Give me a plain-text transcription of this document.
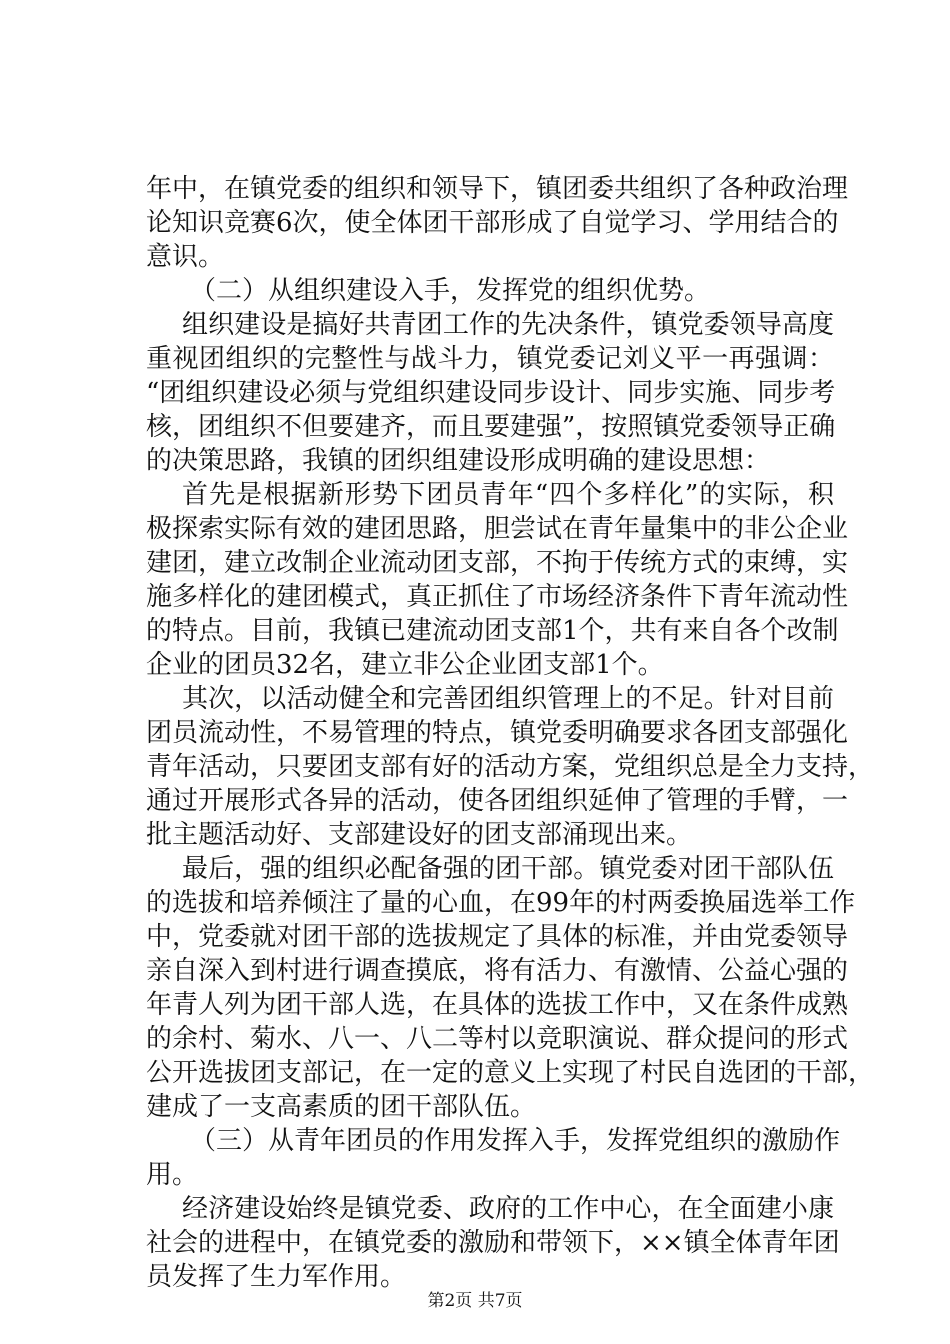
年中，在镇党委的组织和领导下，镇团委共组织了各种政治理
论知识竞赛6次，使全体团干部形成了自觉学习、学用结合的
意识。
（二）从组织建设入手，发挥党的组织优势。
组织建设是搞好共青团工作的先决条件，镇党委领导高度
重视团组织的完整性与战斗力，镇党委记刘义平一再强调：
“团组织建设必须与党组织建设同步设计、同步实施、同步考
核，团组织不但要建齐，而且要建强”，按照镇党委领导正确
的决策思路，我镇的团织组建设形成明确的建设思想：
首先是根据新形势下团员青年“四个多样化”的实际，积
极探索实际有效的建团思路，胆尝试在青年量集中的非公企业
建团，建立改制企业流动团支部，不拘于传统方式的束缚，实
施多样化的建团模式，真正抓住了市场经济条件下青年流动性
的特点。目前，我镇已建流动团支部1个，共有来自各个改制
企业的团员32名，建立非公企业团支部1个。
其次，以活动健全和完善团组织管理上的不足。针对目前
团员流动性，不易管理的特点，镇党委明确要求各团支部强化
青年活动，只要团支部有好的活动方案，党组织总是全力支持，
通过开展形式各异的活动，使各团组织延伸了管理的手臂，一
批主题活动好、支部建设好的团支部涌现出来。
最后，强的组织必配备强的团干部。镇党委对团干部队伍
的选拔和培养倾注了量的心血，在99年的村两委换届选举工作
中，党委就对团干部的选拔规定了具体的标准，并由党委领导
亲自深入到村进行调查摸底，将有活力、有激情、公益心强的
年青人列为团干部人选，在具体的选拔工作中，又在条件成熟
的余村、菊水、八一、八二等村以竞职演说、群众提问的形式
公开选拔团支部记，在一定的意义上实现了村民自选团的干部，
建成了一支高素质的团干部队伍。
（三）从青年团员的作用发挥入手，发挥党组织的激励作
用。
经济建设始终是镇党委、政府的工作中心，在全面建小康
社会的进程中，在镇党委的激励和带领下，××镇全体青年团
员发挥了生力军作用。
第2页 共7页
